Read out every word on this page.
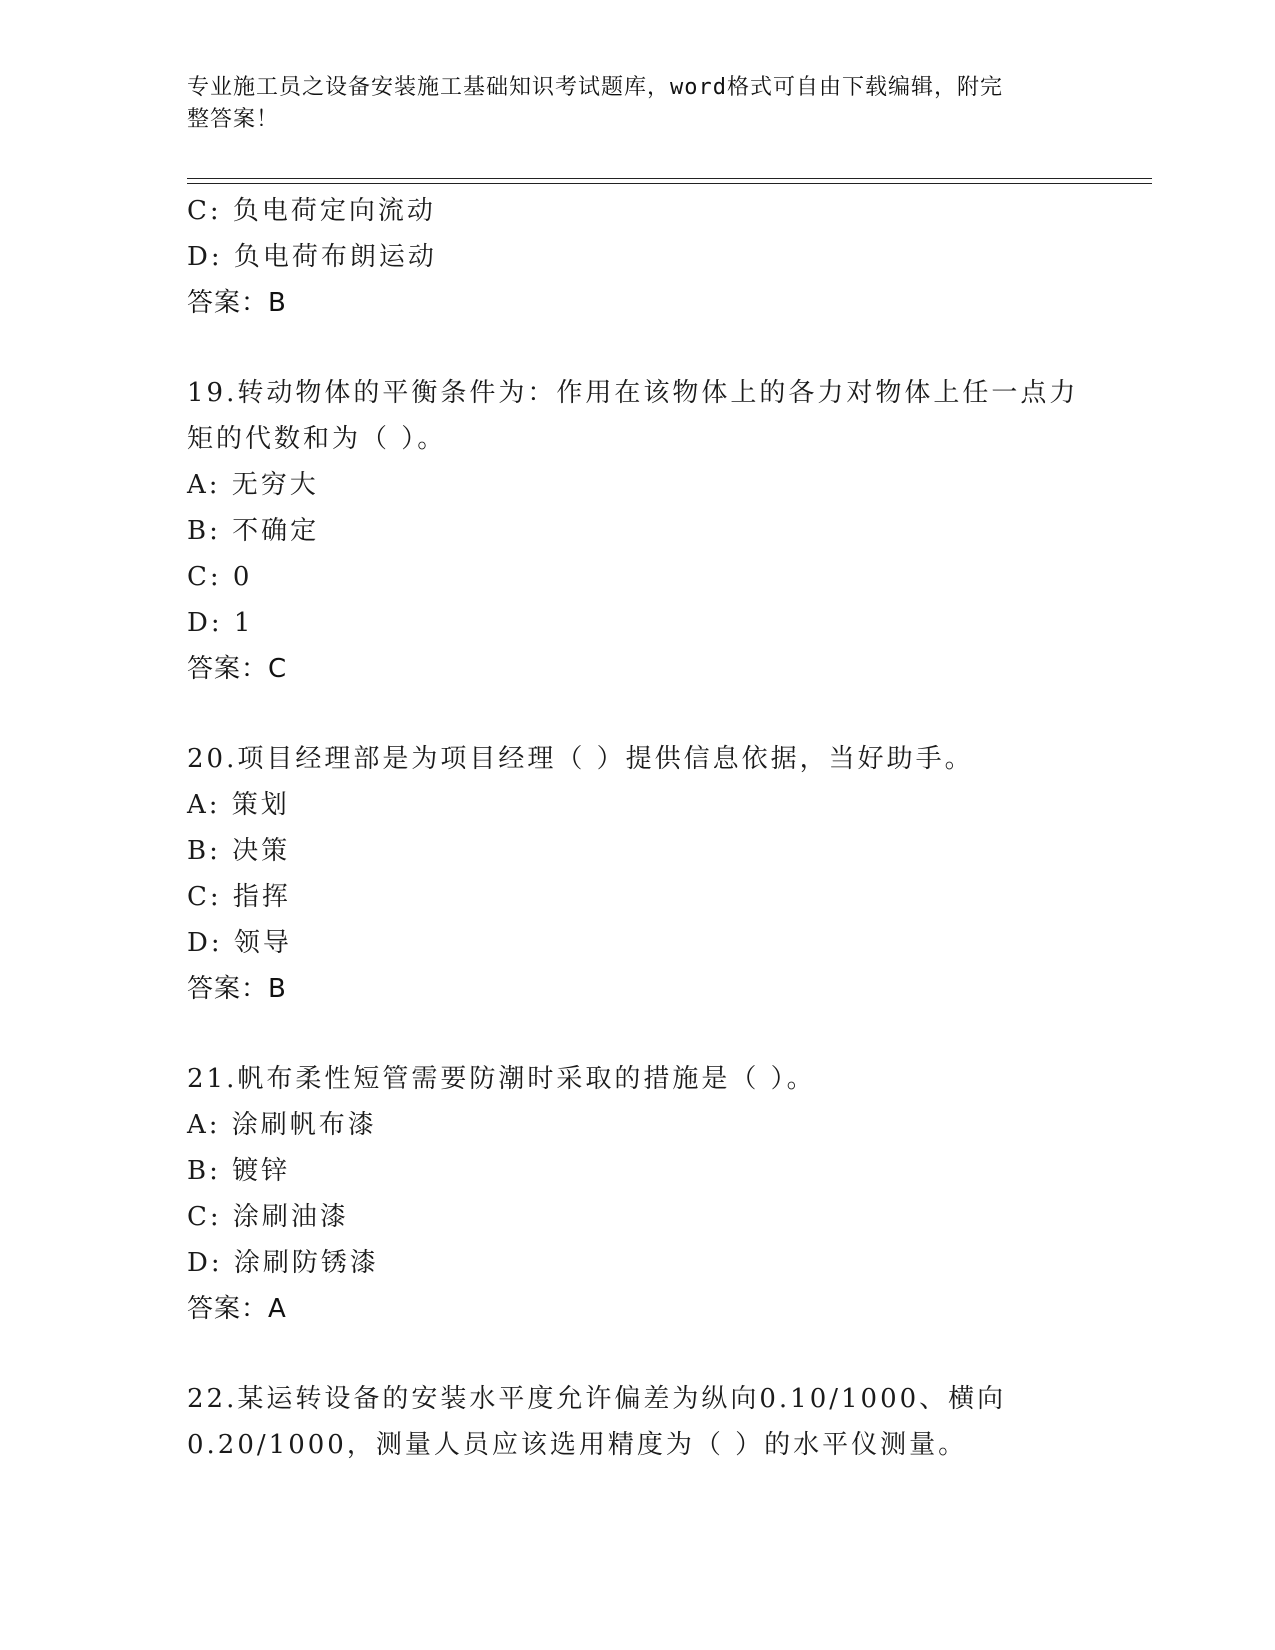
专业施工员之设备安装施工基础知识考试题库，word格式可自由下载编辑，附完
整答案！
C: 负电荷定向流动
D: 负电荷布朗运动
答案：B
19.转动物体的平衡条件为：作用在该物体上的各力对物体上任一点力
矩的代数和为（ ）。
A: 无穷大
B: 不确定
C: 0
D: 1
答案：C
20.项目经理部是为项目经理（ ）提供信息依据，当好助手。
A: 策划
B: 决策
C: 指挥
D: 领导
答案：B
21.帆布柔性短管需要防潮时采取的措施是（ ）。
A: 涂刷帆布漆
B: 镀锌
C: 涂刷油漆
D: 涂刷防锈漆
答案：A
22.某运转设备的安装水平度允许偏差为纵向0.10/1000、横向
0.20/1000，测量人员应该选用精度为（ ）的水平仪测量。
